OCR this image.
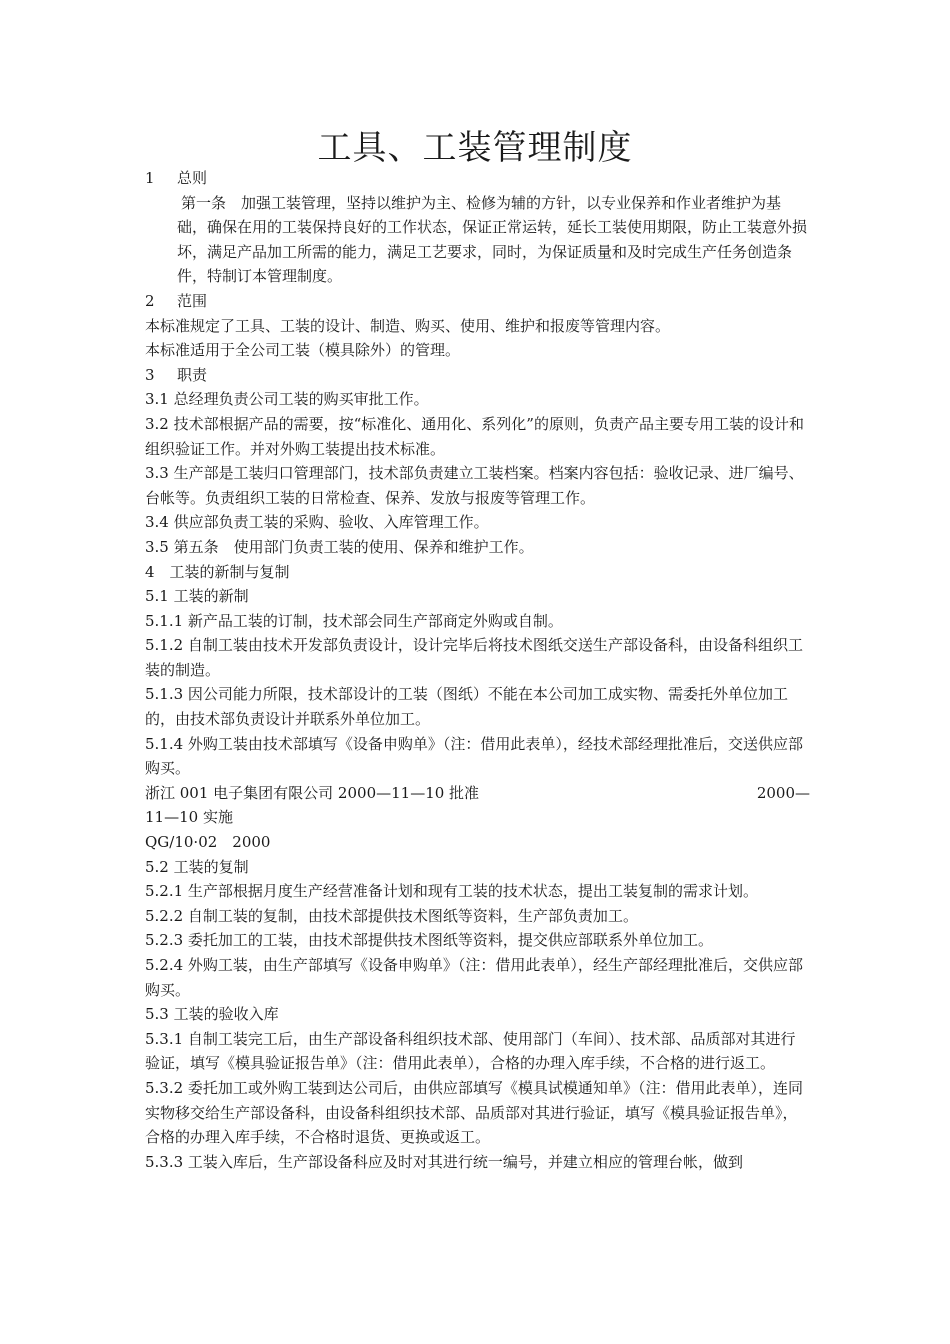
工具、工装管理制度

1 总则

第一条　加强工装管理，坚持以维护为主、检修为辅的方针，以专业保养和作业者维护为基础，确保在用的工装保持良好的工作状态，保证正常运转，延长工装使用期限，防止工装意外损坏，满足产品加工所需的能力，满足工艺要求，同时，为保证质量和及时完成生产任务创造条件，特制订本管理制度。

2 范围

本标准规定了工具、工装的设计、制造、购买、使用、维护和报废等管理内容。

本标准适用于全公司工装（模具除外）的管理。

3 职责

3.1 总经理负责公司工装的购买审批工作。

3.2 技术部根据产品的需要，按“标准化、通用化、系列化”的原则，负责产品主要专用工装的设计和组织验证工作。并对外购工装提出技术标准。

3.3 生产部是工装归口管理部门，技术部负责建立工装档案。档案内容包括：验收记录、进厂编号、台帐等。负责组织工装的日常检查、保养、发放与报废等管理工作。

3.4 供应部负责工装的采购、验收、入库管理工作。

3.5 第五条　使用部门负责工装的使用、保养和维护工作。

4　工装的新制与复制

5.1 工装的新制

5.1.1 新产品工装的订制，技术部会同生产部商定外购或自制。

5.1.2 自制工装由技术开发部负责设计，设计完毕后将技术图纸交送生产部设备科，由设备科组织工装的制造。

5.1.3 因公司能力所限，技术部设计的工装（图纸）不能在本公司加工成实物、需委托外单位加工的，由技术部负责设计并联系外单位加工。

5.1.4 外购工装由技术部填写《设备申购单》（注：借用此表单），经技术部经理批准后，交送供应部购买。

浙江 001 电子集团有限公司 2000—11—10 批准	2000—

11—10 实施

QG/10·02　2000

5.2 工装的复制

5.2.1 生产部根据月度生产经营准备计划和现有工装的技术状态，提出工装复制的需求计划。

5.2.2 自制工装的复制，由技术部提供技术图纸等资料，生产部负责加工。

5.2.3 委托加工的工装，由技术部提供技术图纸等资料，提交供应部联系外单位加工。

5.2.4 外购工装，由生产部填写《设备申购单》（注：借用此表单），经生产部经理批准后，交供应部购买。

5.3 工装的验收入库

5.3.1 自制工装完工后，由生产部设备科组织技术部、使用部门（车间）、技术部、品质部对其进行验证，填写《模具验证报告单》（注：借用此表单），合格的办理入库手续，不合格的进行返工。

5.3.2 委托加工或外购工装到达公司后，由供应部填写《模具试模通知单》（注：借用此表单），连同实物移交给生产部设备科，由设备科组织技术部、品质部对其进行验证，填写《模具验证报告单》，合格的办理入库手续，不合格时退货、更换或返工。

5.3.3 工装入库后，生产部设备科应及时对其进行统一编号，并建立相应的管理台帐，做到
